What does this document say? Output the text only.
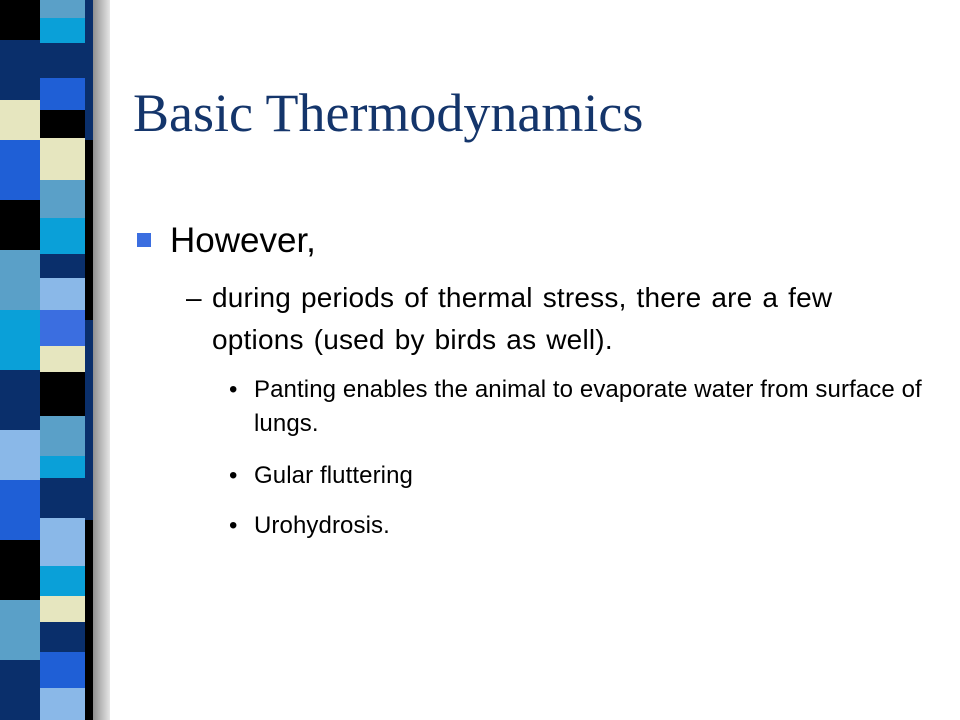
Basic Thermodynamics
However,
– during periods of thermal stress, there are a few options (used by birds as well).
• Panting enables the animal to evaporate water from surface of lungs.
• Gular fluttering
• Urohydrosis.
